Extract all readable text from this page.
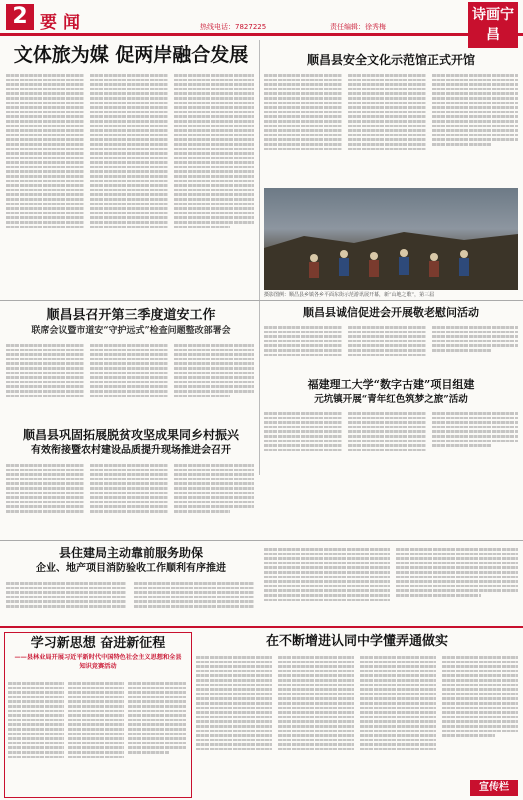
2 要闻	热线电话：7827225	责任编辑：徐秀梅
诗画宁昌
文体旅为媒 促两岸融合发展	顺昌县安全文化示范馆正式开馆
摄影图例：顺昌县乡镇各乡平面东街示范游讯展开幕，新“山地之歌”，第三届
顺昌县召开第三季度道安工作
联席会议暨市道安“守护远式”检查问题整改部署会
顺昌县诚信促进会开展敬老慰问活动
福建理工大学“数字古建”项目组建
元坑镇开展“青年红色筑梦之旅”活动
顺昌县巩固拓展脱贫攻坚成果同乡村振兴
有效衔接暨农村建设品质提升现场推进会召开
县住建局主动靠前服务助保
企业、地产项目消防验收工作顺利有序推进
学习新思想 奋进新征程
——县林业局开展习近平新时代中国特色社会主义思想和全县知识竞赛活动
在不断增进认同中学懂弄通做实
宣传栏
